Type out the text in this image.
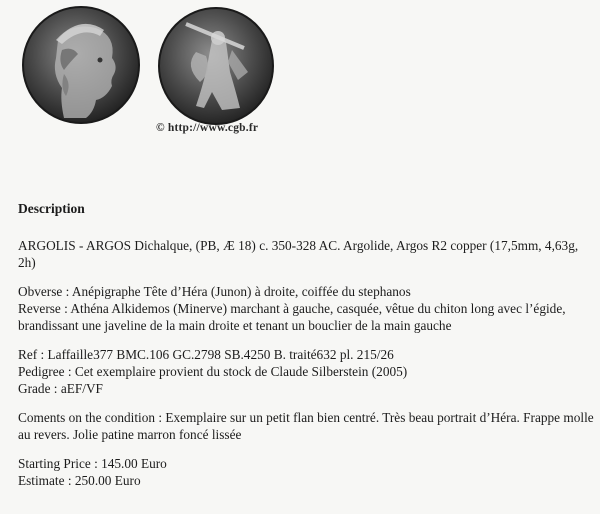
© http://www.cgb.fr
Description
ARGOLIS - ARGOS Dichalque, (PB, Æ 18) c. 350-328 AC. Argolide, Argos R2 copper (17,5mm, 4,63g, 2h)
Obverse : Anépigraphe Tête d’Héra (Junon) à droite, coiffée du stephanos
Reverse : Athéna Alkidemos (Minerve) marchant à gauche, casquée, vêtue du chiton long avec l’égide, brandissant une javeline de la main droite et tenant un bouclier de la main gauche
Ref : Laffaille377 BMC.106 GC.2798 SB.4250 B. traité632 pl. 215/26
Pedigree : Cet exemplaire provient du stock de Claude Silberstein (2005)
Grade : aEF/VF
Coments on the condition : Exemplaire sur un petit flan bien centré. Très beau portrait d’Héra. Frappe molle au revers. Jolie patine marron foncé lissée
Starting Price : 145.00 Euro
Estimate : 250.00 Euro
